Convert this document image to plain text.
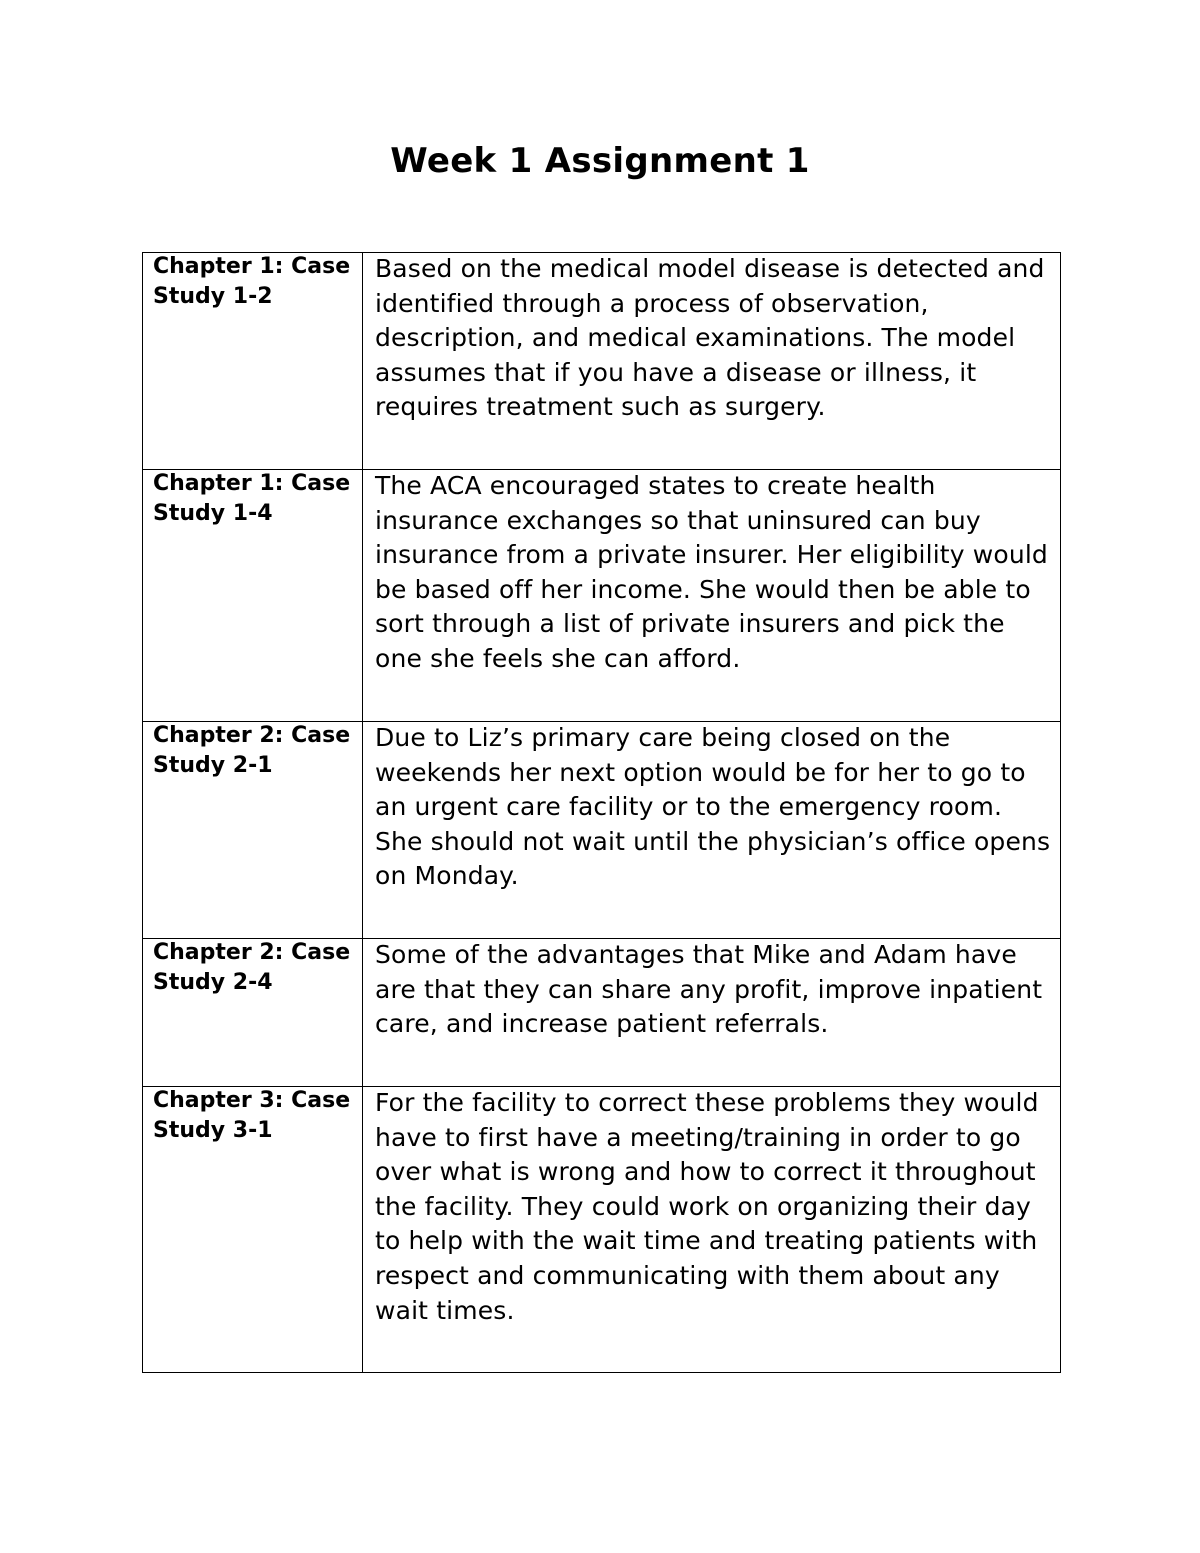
Week 1 Assignment 1
Chapter 1: Case Study 1-2	Based on the medical model disease is detected and identified through a process of observation, description, and medical examinations. The model assumes that if you have a disease or illness, it requires treatment such as surgery.

Chapter 1: Case Study 1-4	The ACA encouraged states to create health insurance exchanges so that uninsured can buy insurance from a private insurer. Her eligibility would be based off her income. She would then be able to sort through a list of private insurers and pick the one she feels she can afford.

Chapter 2: Case Study 2-1	Due to Liz’s primary care being closed on the weekends her next option would be for her to go to an urgent care facility or to the emergency room. She should not wait until the physician’s office opens on Monday.

Chapter 2: Case Study 2-4	Some of the advantages that Mike and Adam have are that they can share any profit, improve inpatient care, and increase patient referrals.

Chapter 3: Case Study 3-1	For the facility to correct these problems they would have to first have a meeting/training in order to go over what is wrong and how to correct it throughout the facility. They could work on organizing their day to help with the wait time and treating patients with respect and communicating with them about any wait times.
